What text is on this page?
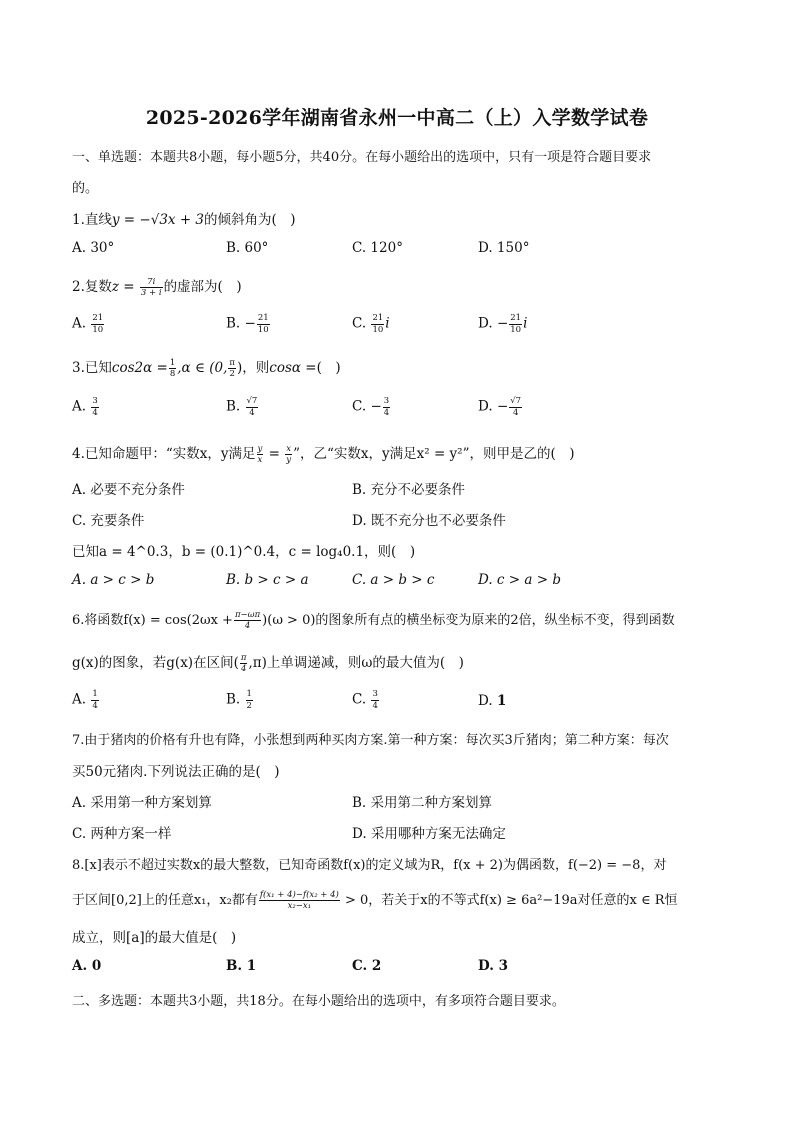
2025-2026学年湖南省永州一中高二（上）入学数学试卷
一、单选题：本题共8小题，每小题5分，共40分。在每小题给出的选项中，只有一项是符合题目要求
的。
1.直线y = −√3x + 3的倾斜角为(　)
A. 30°	B. 60°	C. 120°	D. 150°
2.复数$z = \frac{7i}{3 + i}$ 的虚部为(　)
A. $\frac{21}{10}$	B. − $\frac{21}{10}$	C. $\frac{21}{10}$ i	D. − $\frac{21}{10}$ i
3.已知$\cos 2\alpha = \frac{1}{8} ,\alpha$ ∈ (0, $\frac{\pi}{2}$ )，则cosα =(　)
A. $\frac{3}{4}$	B. $\frac{√7}{4}$	C. − $\frac{3}{4}$	D. − $\frac{√7}{4}$
4.已知命题甲：“实数x，y满足 $\frac{y}{x} = \frac{x}{y}$ ”，乙“实数x，y满足x² = y²”，则甲是乙的(　)
A. 必要不充分条件	B. 充分不必要条件
C. 充要条件	D. 既不充分也不必要条件
已知a = 4^0.3，b = (0.1)^0.4，c = log₄0.1，则(　)
A. a > c > b	B. b > c > a	C. a > b > c	D. c > a > b
6.将函数$f(x) = \cos(2\omega x + \frac{\pi-\omega\pi}{4} )(\omega > 0)$的图象所有点的横坐标变为原来的2倍，纵坐标不变，得到函数
g(x)的图象，若g(x)在区间( $\frac{\pi}{4} ,\pi$)上单调递减，则ω的最大值为(　)
A. $\frac{1}{4}$	B. $\frac{1}{2}$	C. $\frac{3}{4}$	D. 1
7.由于猪肉的价格有升也有降，小张想到两种买肉方案.第一种方案：每次买3斤猪肉；第二种方案：每次
买50元猪肉.下列说法正确的是(　)
A. 采用第一种方案划算	B. 采用第二种方案划算
C. 两种方案一样	D. 采用哪种方案无法确定
8.[x]表示不超过实数x的最大整数，已知奇函数f(x)的定义域为R，f(x + 2)为偶函数，f(−2) = −8，对
于区间[0,2]上的任意x₁，x₂都有 $\frac{\text{f(x₁ + 4)−f(x₂ + 4)}}{\text{x₂−x₁}} > 0$，若关于x的不等式f(x) ≥ 6a²−19a对任意的x ∈ R恒
成立，则[a]的最大值是(　)
A. 0	B. 1	C. 2	D. 3
二、多选题：本题共3小题，共18分。在每小题给出的选项中，有多项符合题目要求。
